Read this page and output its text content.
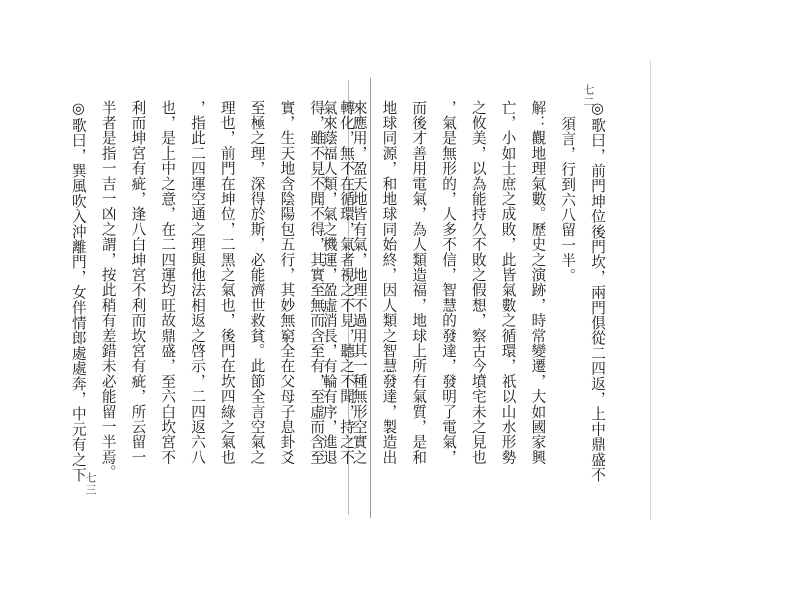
七二
◎歌曰，前門坤位後門坎，兩門俱從二四返，上中鼎盛不
須言，行到六八留一半。
解：觀地理氣數。歷史之演跡，時常變遷，大如國家興
亡，小如士庶之成敗，此皆氣數之循環，祇以山水形勢
之攸美，以為能持久不敗之假想，察古今墳宅未之見也
，氣是無形的，人多不信，智慧的發達，發明了電氣，
而後才善用電氣，為人類造福，地球上所有氣質，是和
地球同源，和地球同始終，因人類之智慧發達，製造出
來應用，盈天地皆有氣，地理不過用其一種無形空實之
氣來蔭福人類，氣之機運，盈虛消長，有輪有序，進退
七三
轉化，無不在循環，氣者視之不見，聽之不聞，持之不
得，雖不見不聞不得，其實至無而含至有，至虛而含至
實，生天地含陰陽包五行，其妙無窮全在父母子息卦爻
至極之理，深得於斯，必能濟世救貧。此節全言空氣之
理也，前門在坤位，二黑之氣也，後門在坎四綠之氣也
，指此二四運空通之理與他法相返之啓示，二四返六八
也，是上中之意，在二四運均旺故鼎盛，至六白坎宮不
利而坤宮有疵，逢八白坤宮不利而坎宮有疵，所云留一
半者是指一吉一凶之謂，按此稍有差錯未必能留一半焉。
◎歌曰，巽風吹入沖離門，女伴情郎處處奔，中元有之下
